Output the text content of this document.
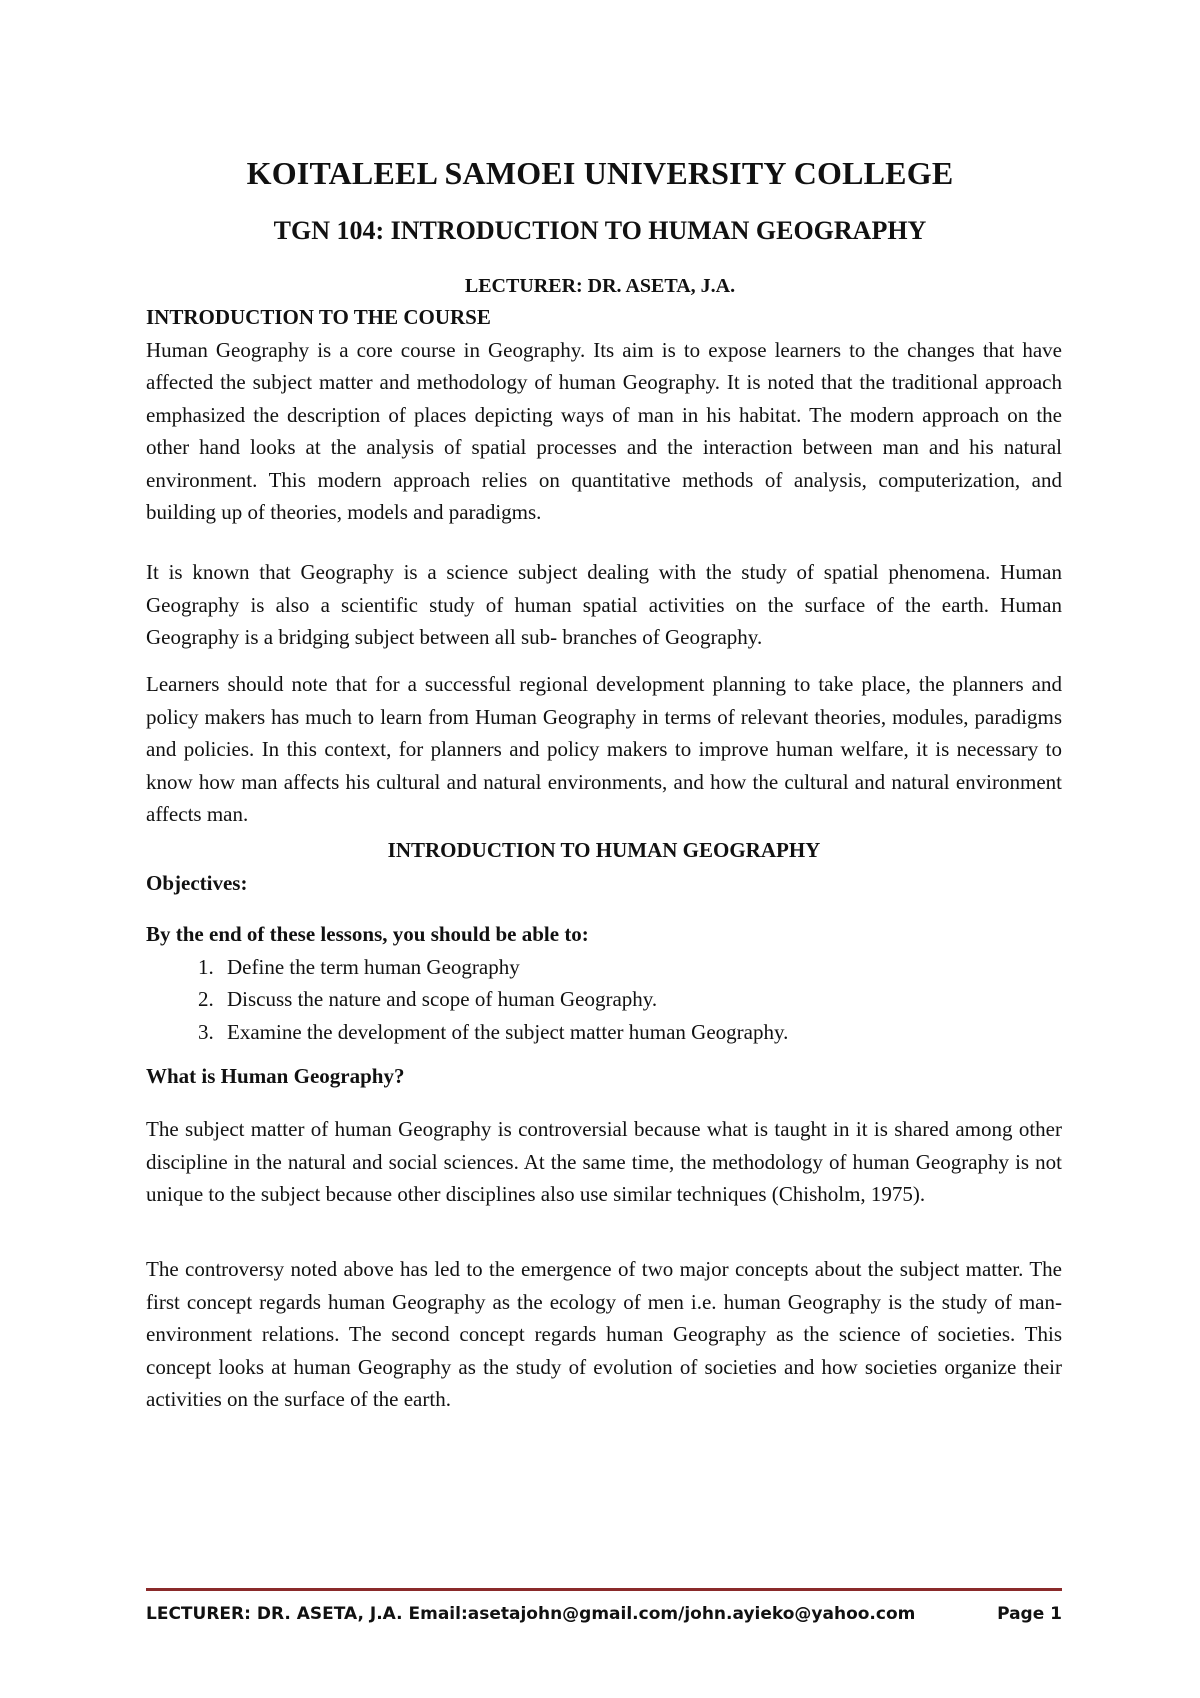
KOITALEEL SAMOEI UNIVERSITY COLLEGE
TGN 104: INTRODUCTION TO HUMAN GEOGRAPHY
LECTURER: DR. ASETA, J.A.

INTRODUCTION TO THE COURSE

Human Geography is a core course in Geography. Its aim is to expose learners to the changes that have affected the subject matter and methodology of human Geography. It is noted that the traditional approach emphasized the description of places depicting ways of man in his habitat. The modern approach on the other hand looks at the analysis of spatial processes and the interaction between man and his natural environment. This modern approach relies on quantitative methods of analysis, computerization, and building up of theories, models and paradigms.

It is known that Geography is a science subject dealing with the study of spatial phenomena. Human Geography is also a scientific study of human spatial activities on the surface of the earth. Human Geography is a bridging subject between all sub- branches of Geography.

Learners should note that for a successful regional development planning to take place, the planners and policy makers has much to learn from Human Geography in terms of relevant theories, modules, paradigms and policies. In this context, for planners and policy makers to improve human welfare, it is necessary to know how man affects his cultural and natural environments, and how the cultural and natural environment affects man.

INTRODUCTION TO HUMAN GEOGRAPHY

Objectives:

By the end of these lessons, you should be able to:

1. Define the term human Geography
2. Discuss the nature and scope of human Geography.
3. Examine the development of the subject matter human Geography.

What is Human Geography?

The subject matter of human Geography is controversial because what is taught in it is shared among other discipline in the natural and social sciences. At the same time, the methodology of human Geography is not unique to the subject because other disciplines also use similar techniques (Chisholm, 1975).

The controversy noted above has led to the emergence of two major concepts about the subject matter. The first concept regards human Geography as the ecology of men i.e. human Geography is the study of man-environment relations. The second concept regards human Geography as the science of societies. This concept looks at human Geography as the study of evolution of societies and how societies organize their activities on the surface of the earth.

LECTURER: DR. ASETA, J.A. Email:asetajohn@gmail.com/john.ayieko@yahoo.com	Page 1
